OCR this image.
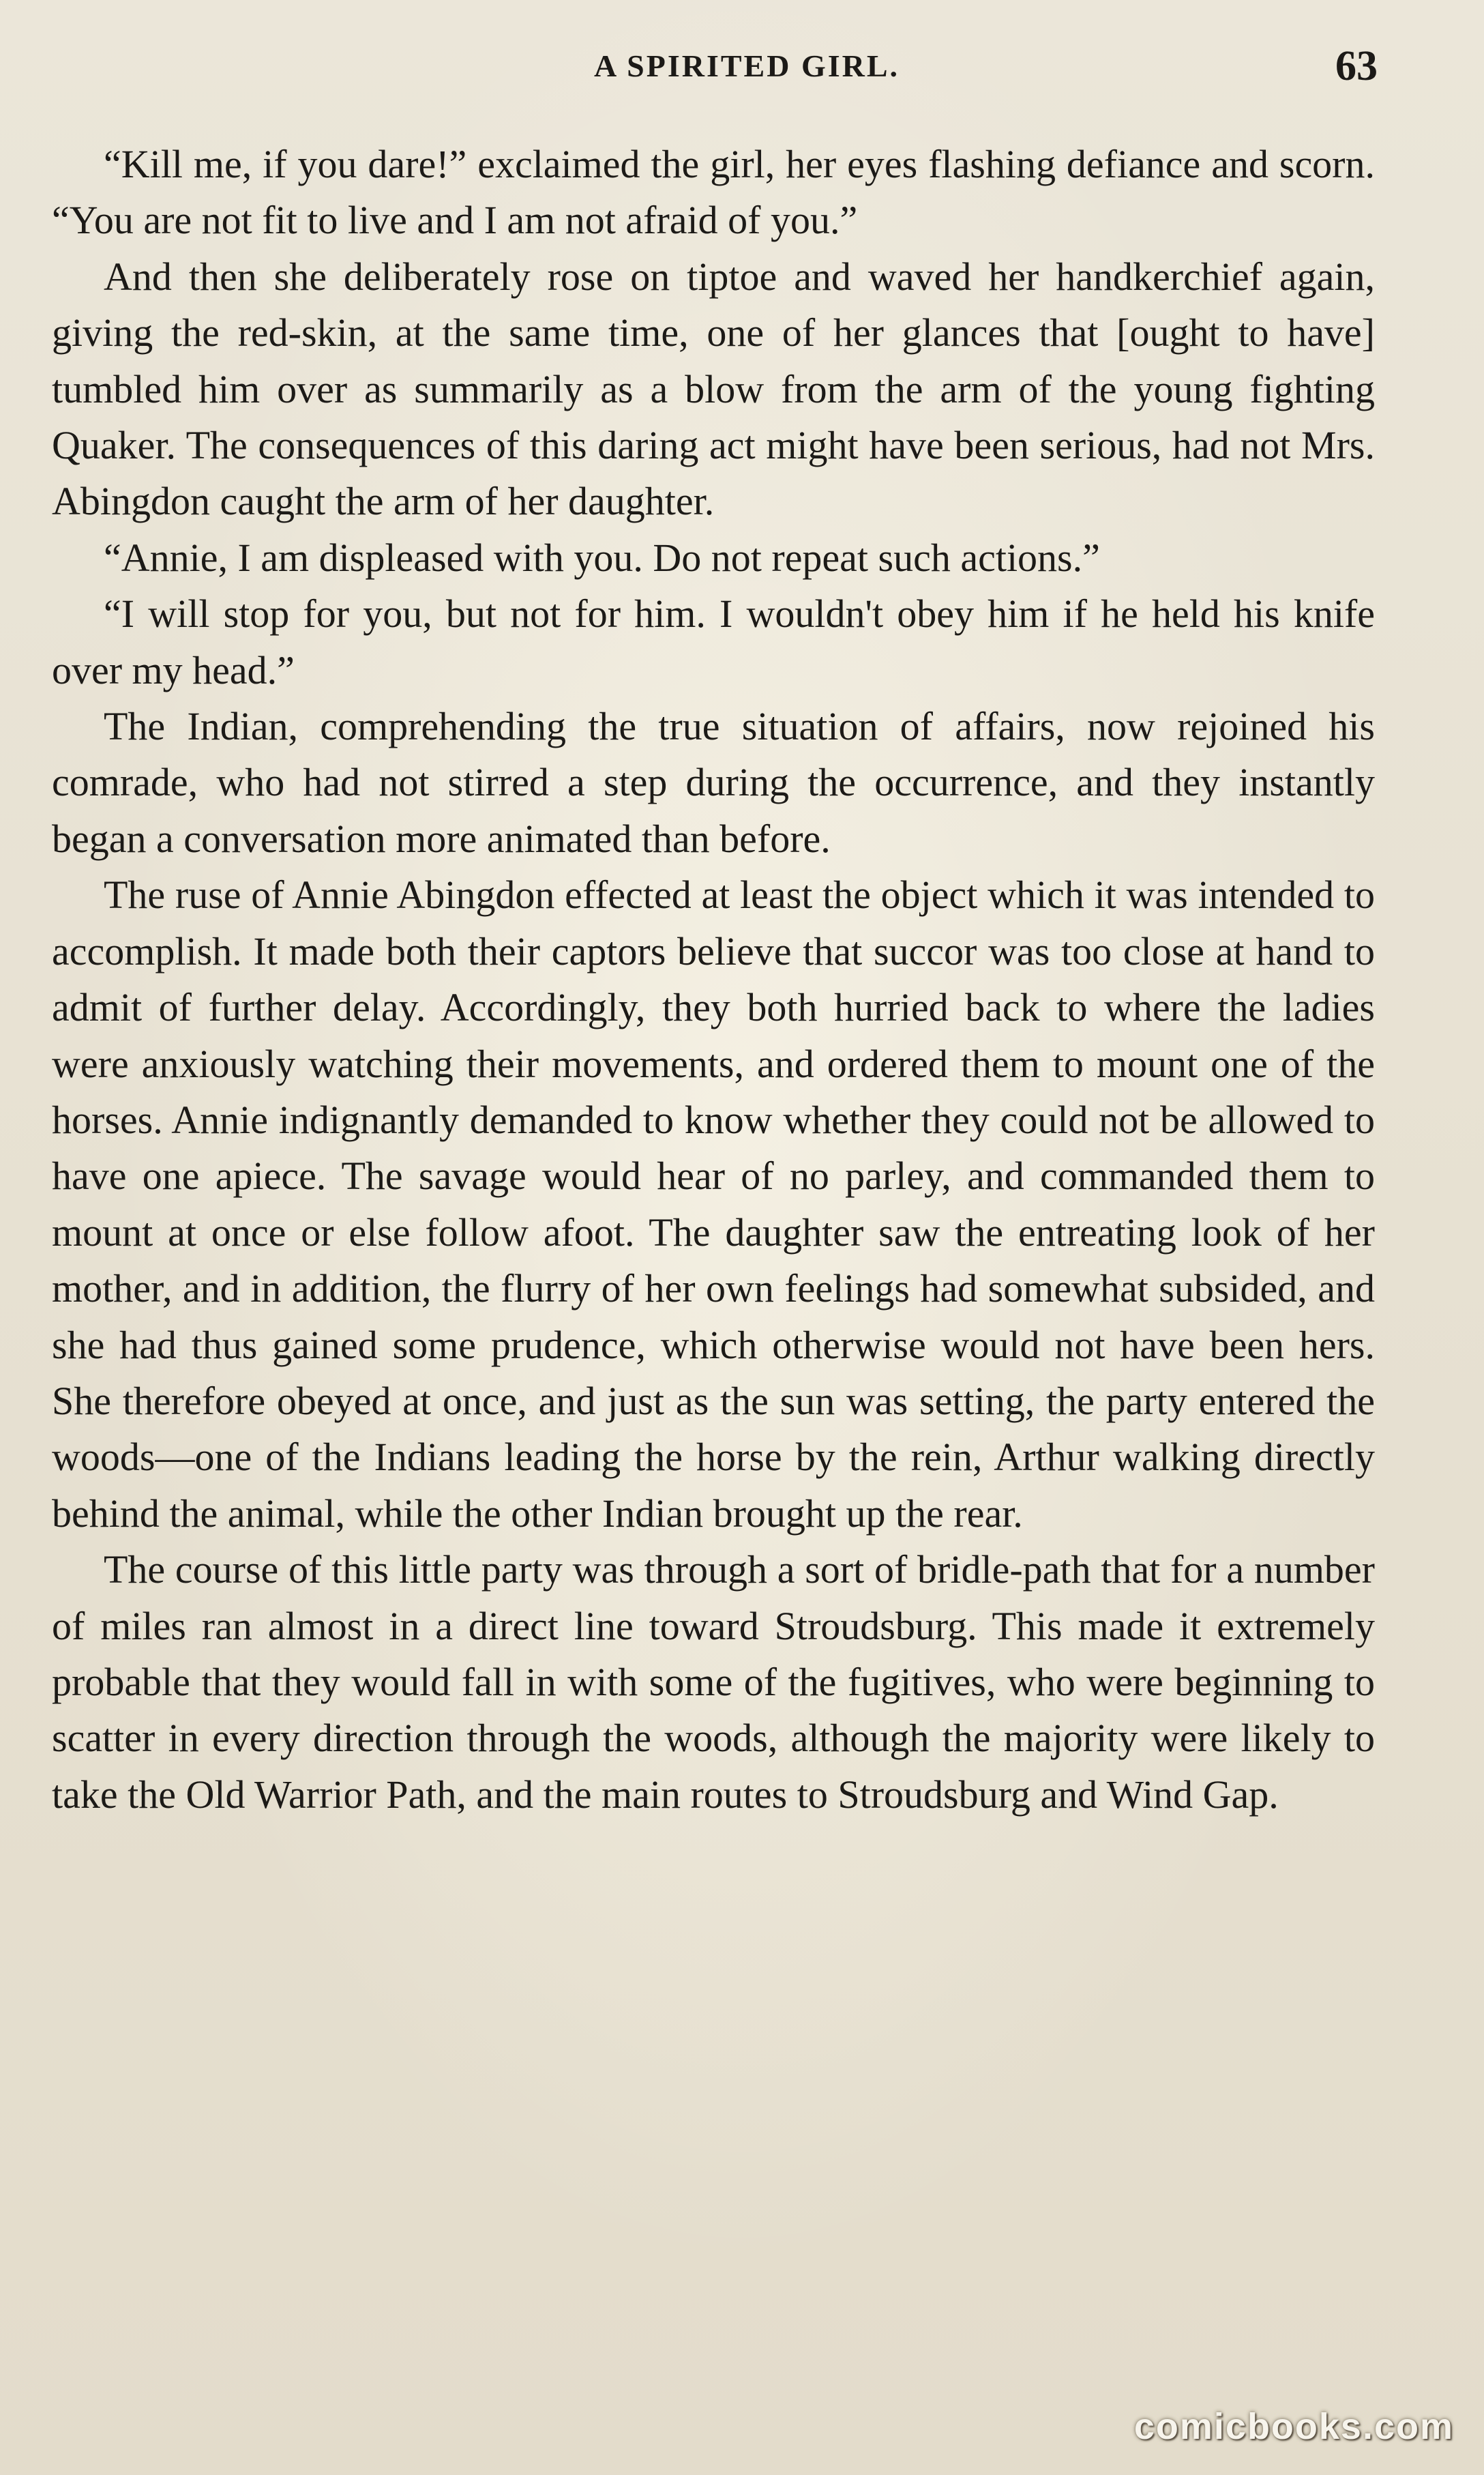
A SPIRITED GIRL.	63

“Kill me, if you dare!” exclaimed the girl, her eyes flashing defiance and scorn. “You are not fit to live and I am not afraid of you.”

And then she deliberately rose on tiptoe and waved her handkerchief again, giving the red-skin, at the same time, one of her glances that [ought to have] tumbled him over as summarily as a blow from the arm of the young fighting Quaker. The consequences of this daring act might have been serious, had not Mrs. Abingdon caught the arm of her daughter.

“Annie, I am displeased with you. Do not repeat such actions.”

“I will stop for you, but not for him. I wouldn't obey him if he held his knife over my head.”

The Indian, comprehending the true situation of affairs, now rejoined his comrade, who had not stirred a step during the occurrence, and they instantly began a conversation more animated than before.

The ruse of Annie Abingdon effected at least the object which it was intended to accomplish. It made both their captors believe that succor was too close at hand to admit of further delay. Accordingly, they both hurried back to where the ladies were anxiously watching their movements, and ordered them to mount one of the horses. Annie indignantly demanded to know whether they could not be allowed to have one apiece. The savage would hear of no parley, and commanded them to mount at once or else follow afoot. The daughter saw the entreating look of her mother, and in addition, the flurry of her own feelings had somewhat subsided, and she had thus gained some prudence, which otherwise would not have been hers. She therefore obeyed at once, and just as the sun was setting, the party entered the woods—one of the Indians leading the horse by the rein, Arthur walking directly behind the animal, while the other Indian brought up the rear.

The course of this little party was through a sort of bridle-path that for a number of miles ran almost in a direct line toward Stroudsburg. This made it extremely probable that they would fall in with some of the fugitives, who were beginning to scatter in every direction through the woods, although the majority were likely to take the Old Warrior Path, and the main routes to Stroudsburg and Wind Gap.

comicbooks.com
